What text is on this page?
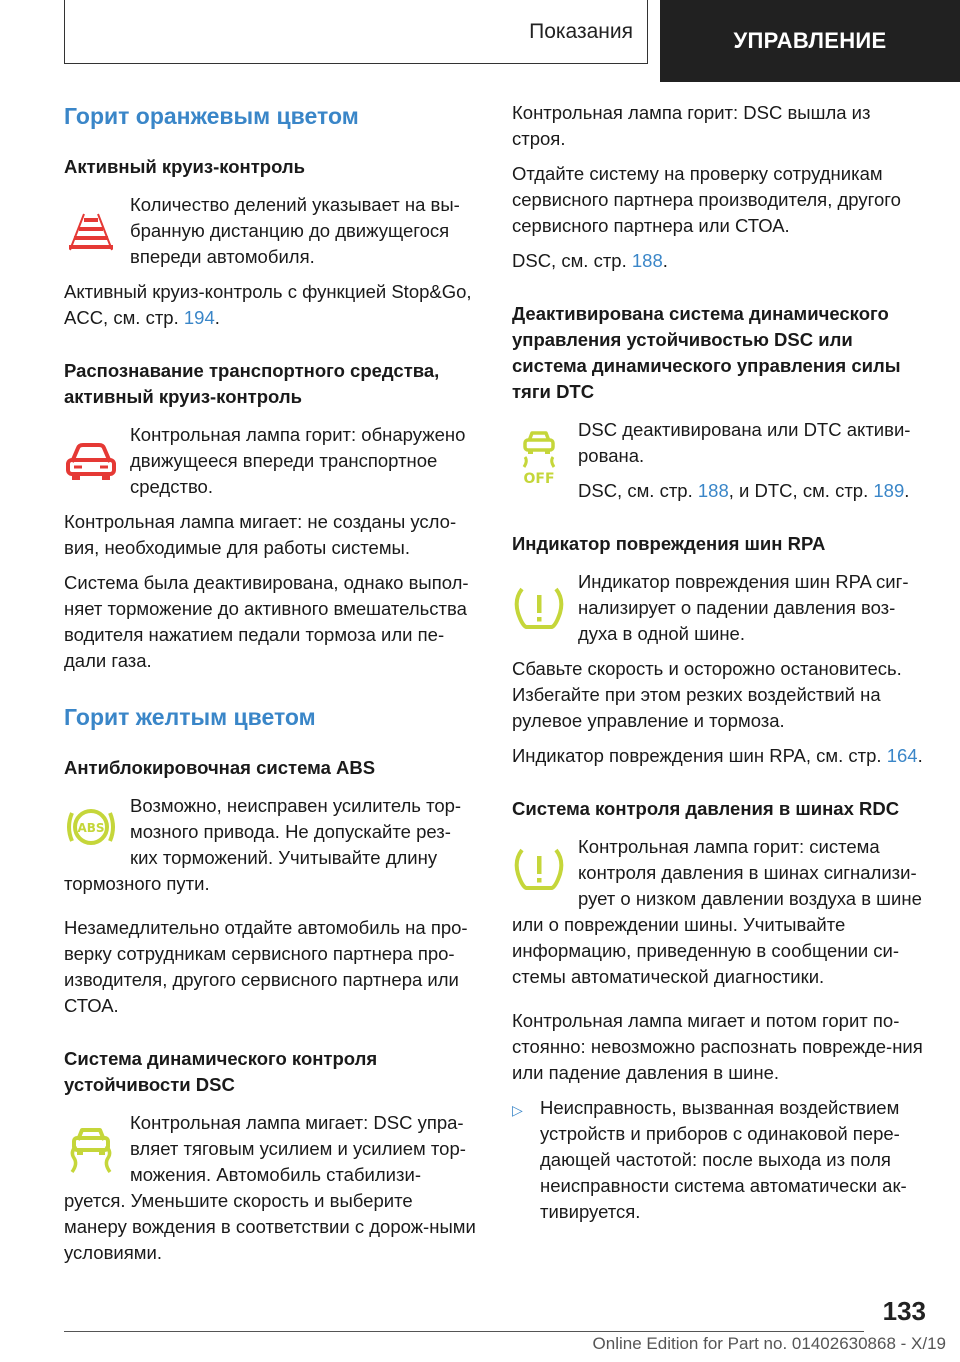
Показания	УПРАВЛЕНИЕ
Горит оранжевым цветом
Активный круиз-контроль

Количество делений указывает на вы-бранную дистанцию до движущегося впереди автомобиля.

Активный круиз-контроль с функцией Stop&Go, ACC, см. стр. 194.

Распознавание транспортного средства, активный круиз-контроль

Контрольная лампа горит: обнаружено движущееся впереди транспортное средство.

Контрольная лампа мигает: не созданы усло-вия, необходимые для работы системы.

Система была деактивирована, однако выпол-няет торможение до активного вмешательства водителя нажатием педали тормоза или пе-дали газа.

Горит желтым цветом
Антиблокировочная система ABS
ABS

Возможно, неисправен усилитель тор-мозного привода. Не допускайте рез-ких торможений. Учитывайте длину тормозного пути.

Незамедлительно отдайте автомобиль на про-верку сотрудникам сервисного партнера про-изводителя, другого сервисного партнера или СТОА.

Система динамического контроля устойчивости DSC

Контрольная лампа мигает: DSC упра-вляет тяговым усилием и усилием тор-можения. Автомобиль стабилизи-руется. Уменьшите скорость и выберите манеру вождения в соответствии с дорож-ными условиями.

Контрольная лампа горит: DSC вышла из строя.

Отдайте систему на проверку сотрудникам сервисного партнера производителя, другого сервисного партнера или СТОА.

DSC, см. стр. 188.

Деактивирована система динамического управления устойчивостью DSC или система динамического управления силы тяги DTC
OFF

DSC деактивирована или DTC активи-рована.

DSC, см. стр. 188, и DTC, см. стр. 189.

Индикатор повреждения шин RPA

Индикатор повреждения шин RPA сиг-нализирует о падении давления воз-духа в одной шине.

Сбавьте скорость и осторожно остановитесь. Избегайте при этом резких воздействий на рулевое управление и тормоза.

Индикатор повреждения шин RPA, см. стр. 164.

Система контроля давления в шинах RDC

Контрольная лампа горит: система контроля давления в шинах сигнализи-рует о низком давлении воздуха в шине или о повреждении шины. Учитывайте информацию, приведенную в сообщении си-стемы автоматической диагностики.

Контрольная лампа мигает и потом горит по-стоянно: невозможно распознать поврежде-ния или падение давления в шине.

▷ Неисправность, вызванная воздействием устройств и приборов с одинаковой пере-дающей частотой: после выхода из поля неисправности система автоматически ак-тивируется.
133
Online Edition for Part no. 01402630868 - X/19
